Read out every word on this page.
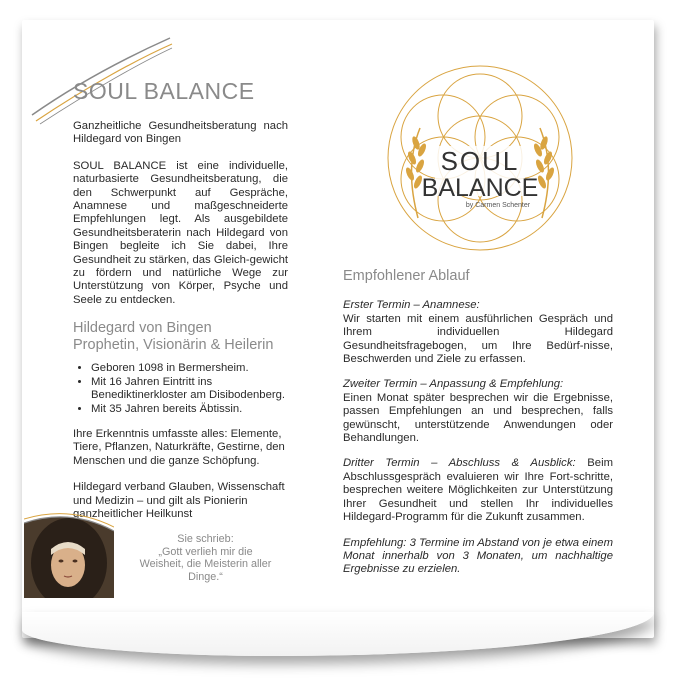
SOUL BALANCE
Ganzheitliche Gesundheitsberatung nach Hildegard von Bingen
SOUL BALANCE ist eine individuelle, naturbasierte Gesundheitsberatung, die den Schwerpunkt auf Gespräche, Anamnese und maßgeschneiderte Empfehlungen legt. Als ausgebildete Gesundheitsberaterin nach Hildegard von Bingen begleite ich Sie dabei, Ihre Gesundheit zu stärken, das Gleich-gewicht zu fördern und natürliche Wege zur Unterstützung von Körper, Psyche und Seele zu entdecken.
Hildegard von Bingen
Prophetin, Visionärin & Heilerin
• Geboren 1098 in Bermersheim.
• Mit 16 Jahren Eintritt ins Benediktinerkloster am Disibodenberg.
• Mit 35 Jahren bereits Äbtissin.
Ihre Erkenntnis umfasste alles: Elemente, Tiere, Pflanzen, Naturkräfte, Gestirne, den Menschen und die ganze Schöpfung.
Hildegard verband Glauben, Wissenschaft und Medizin – und gilt als Pionierin ganzheitlicher Heilkunst
Sie schrieb:
„Gott verlieh mir die Weisheit, die Meisterin aller Dinge.“
SOUL
BALANCE
by Carmen Schenter
Empfohlener Ablauf
Erster Termin – Anamnese:
Wir starten mit einem ausführlichen Gespräch und Ihrem individuellen Hildegard Gesundheitsfragebogen, um Ihre Bedürf-nisse, Beschwerden und Ziele zu erfassen.
Zweiter Termin – Anpassung & Empfehlung:
Einen Monat später besprechen wir die Ergebnisse, passen Empfehlungen an und besprechen, falls gewünscht, unterstützende Anwendungen oder Behandlungen.
Dritter Termin – Abschluss & Ausblick: Beim Abschlussgespräch evaluieren wir Ihre Fort-schritte, besprechen weitere Möglichkeiten zur Unterstützung Ihrer Gesundheit und stellen Ihr individuelles Hildegard-Programm für die Zukunft zusammen.
Empfehlung: 3 Termine im Abstand von je etwa einem Monat innerhalb von 3 Monaten, um nachhaltige Ergebnisse zu erzielen.
